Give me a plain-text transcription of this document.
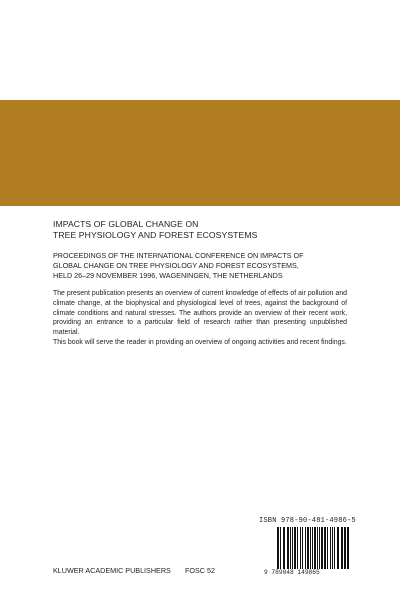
IMPACTS OF GLOBAL CHANGE ON
TREE PHYSIOLOGY AND FOREST ECOSYSTEMS
PROCEEDINGS OF THE INTERNATIONAL CONFERENCE ON IMPACTS OF
GLOBAL CHANGE ON TREE PHYSIOLOGY AND FOREST ECOSYSTEMS,
HELD 26–29 NOVEMBER 1996, WAGENINGEN, THE NETHERLANDS

The present publication presents an overview of current knowledge of effects of air pollution and climate change, at the biophysical and physiological level of trees, against the background of climate conditions and natural stresses. The authors provide an overview of their recent work, providing an entrance to a particular field of research rather than presenting unpublished material.

This book will serve the reader in providing an overview of ongoing activities and recent findings.

ISBN 978-90-481-4986-5
9 789048 149865
KLUWER ACADEMIC PUBLISHERS FOSC 52
